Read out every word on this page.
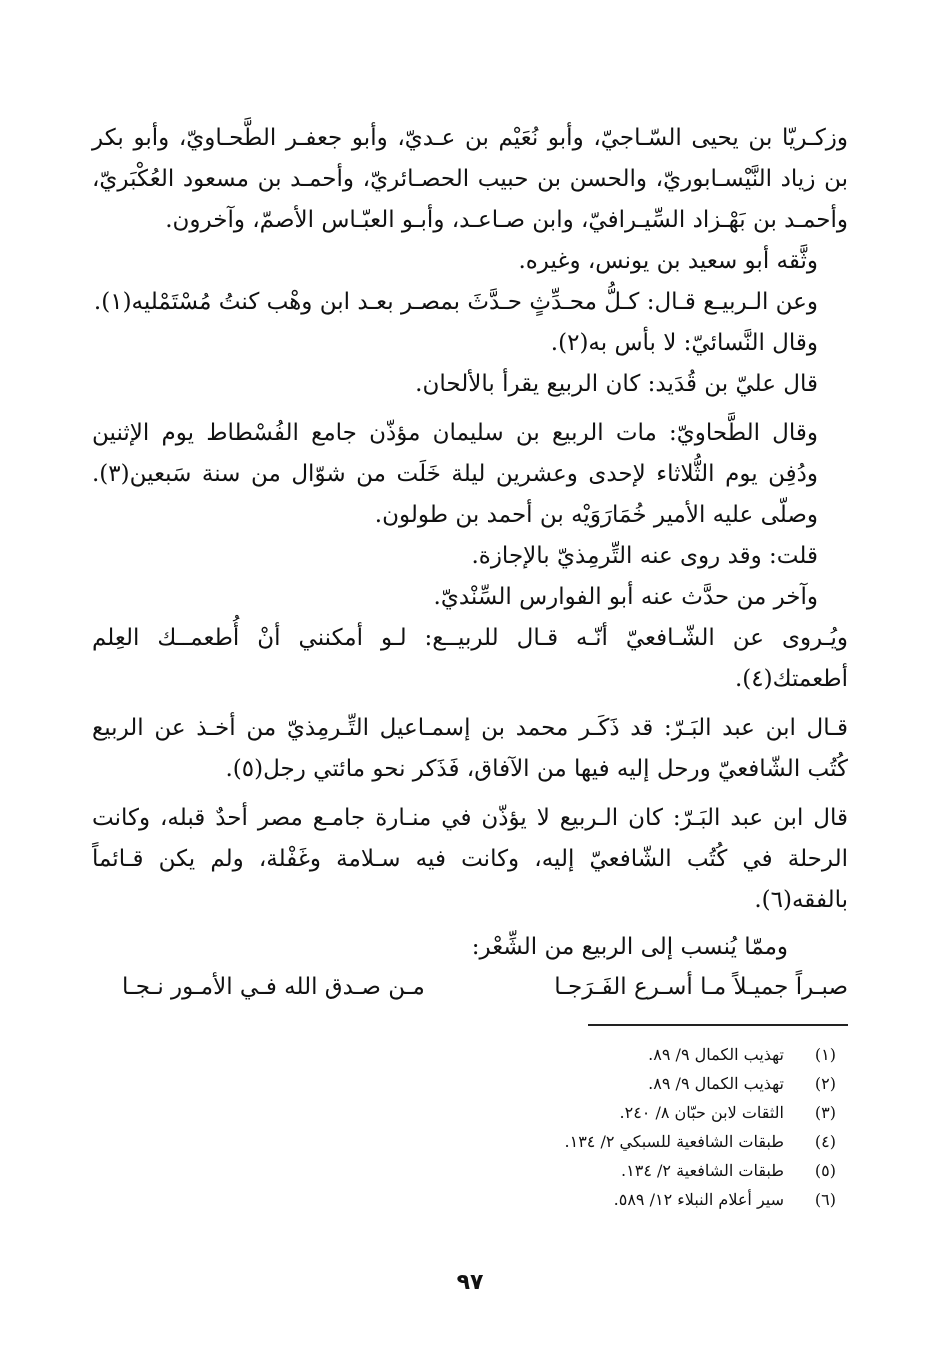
وزكـريّا بن يحيى السّـاجيّ، وأبو نُعَيْم بن عـديّ، وأبو جعفـر الطَّحـاويّ، وأبو بكر بن زياد النَّيْسـابوريّ، والحسن بن حبيب الحصـائريّ، وأحمـد بن مسعود العُكْبَريّ، وأحمـد بن بَهْـزاد السِّيـرافيّ، وابن صـاعـد، وأبـو العبّـاس الأصمّ، وآخرون.

وثَّقه أبو سعيد بن يونس، وغيره.

وعن الـربيـع قـال: كـلُّ محـدِّثٍ حـدَّثَ بمصـر بعـد ابن وهْب كنتُ مُسْتَمْليه(١).

وقال النَّسائيّ: لا بأس به(٢).

قال عليّ بن قُدَيد: كان الربيع يقرأ بالألحان.

وقال الطَّحاويّ: مات الربيع بن سليمان مؤذّن جامع الفُسْطاط يوم الإثنين ودُفِن يوم الثُّلاثاء لإحدى وعشرين ليلة خَلَت من شوّال من سنة سَبعين(٣). وصلّى عليه الأمير خُمَارَوَيْه بن أحمد بن طولون.

قلت: وقد روى عنه التِّرمِذيّ بالإجازة.

وآخر من حدَّث عنه أبو الفوارس السِّنْديّ.

ويُـروى عن الشّـافعيّ أنّـه قـال للربيــع: لـو أمكنني أنْ أُطعمــك العِلم أطعمتك(٤).

قـال ابن عبد البَـرّ: قد ذَكَـر محمد بن إسمـاعيل التِّـرمِذيّ من أخـذ عن الربيع كُتُب الشّافعيّ ورحل إليه فيها من الآفاق، فَذَكر نحو مائتي رجل(٥).

قال ابن عبد البَـرّ: كان الـربيع لا يؤذّن في منـارة جامـع مصر أحدٌ قبله، وكانت الرحلة في كُتُب الشّافعيّ إليه، وكانت فيه سـلامة وغَفْلة، ولم يكن قـائماً بالفقه(٦).

وممّا يُنسب إلى الربيع من الشِّعْر:
صبـراً جميـلاً مـا أسـرع الفَـرَجـا
مـن صـدق الله فـي الأمـور نـجـا
(١)
تهذيب الكمال ٩/ ٨٩.
(٢)
تهذيب الكمال ٩/ ٨٩.
(٣)
الثقات لابن حبّان ٨/ ٢٤٠.
(٤)
طبقات الشافعية للسبكي ٢/ ١٣٤.
(٥)
طبقات الشافعية ٢/ ١٣٤.
(٦)
سير أعلام النبلاء ١٢/ ٥٨٩.
٩٧
